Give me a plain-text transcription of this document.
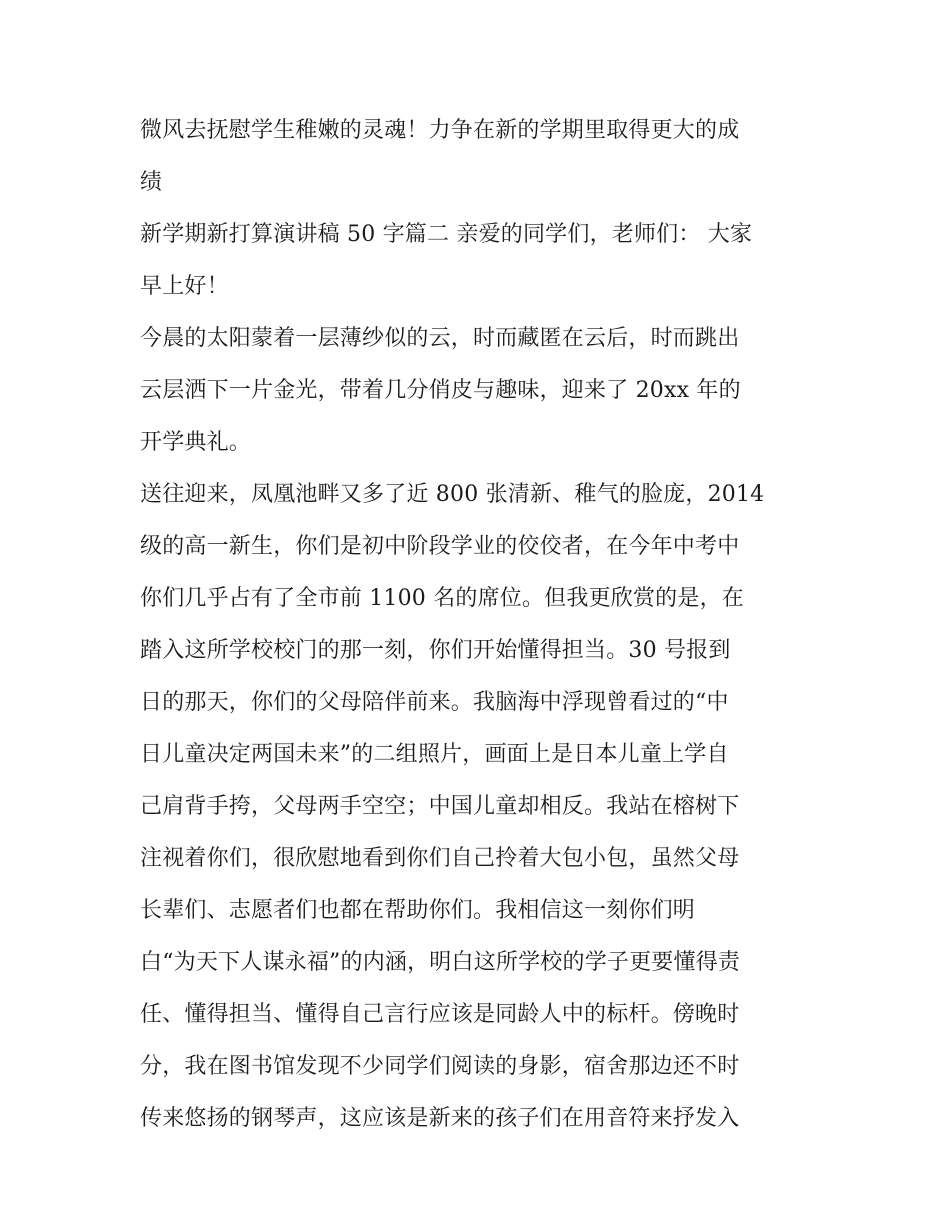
微风去抚慰学生稚嫩的灵魂！力争在新的学期里取得更大的成
绩
新学期新打算演讲稿 50 字篇二 亲爱的同学们，老师们： 大家
早上好！
今晨的太阳蒙着一层薄纱似的云，时而藏匿在云后，时而跳出
云层洒下一片金光，带着几分俏皮与趣味，迎来了 20xx 年的
开学典礼。
送往迎来，凤凰池畔又多了近 800 张清新、稚气的脸庞，2014
级的高一新生，你们是初中阶段学业的佼佼者，在今年中考中
你们几乎占有了全市前 1100 名的席位。但我更欣赏的是，在
踏入这所学校校门的那一刻，你们开始懂得担当。30 号报到
日的那天，你们的父母陪伴前来。我脑海中浮现曾看过的“中
日儿童决定两国未来”的二组照片，画面上是日本儿童上学自
己肩背手挎，父母两手空空；中国儿童却相反。我站在榕树下
注视着你们，很欣慰地看到你们自己拎着大包小包，虽然父母
长辈们、志愿者们也都在帮助你们。我相信这一刻你们明
白“为天下人谋永福”的内涵，明白这所学校的学子更要懂得责
任、懂得担当、懂得自己言行应该是同龄人中的标杆。傍晚时
分，我在图书馆发现不少同学们阅读的身影，宿舍那边还不时
传来悠扬的钢琴声，这应该是新来的孩子们在用音符来抒发入
